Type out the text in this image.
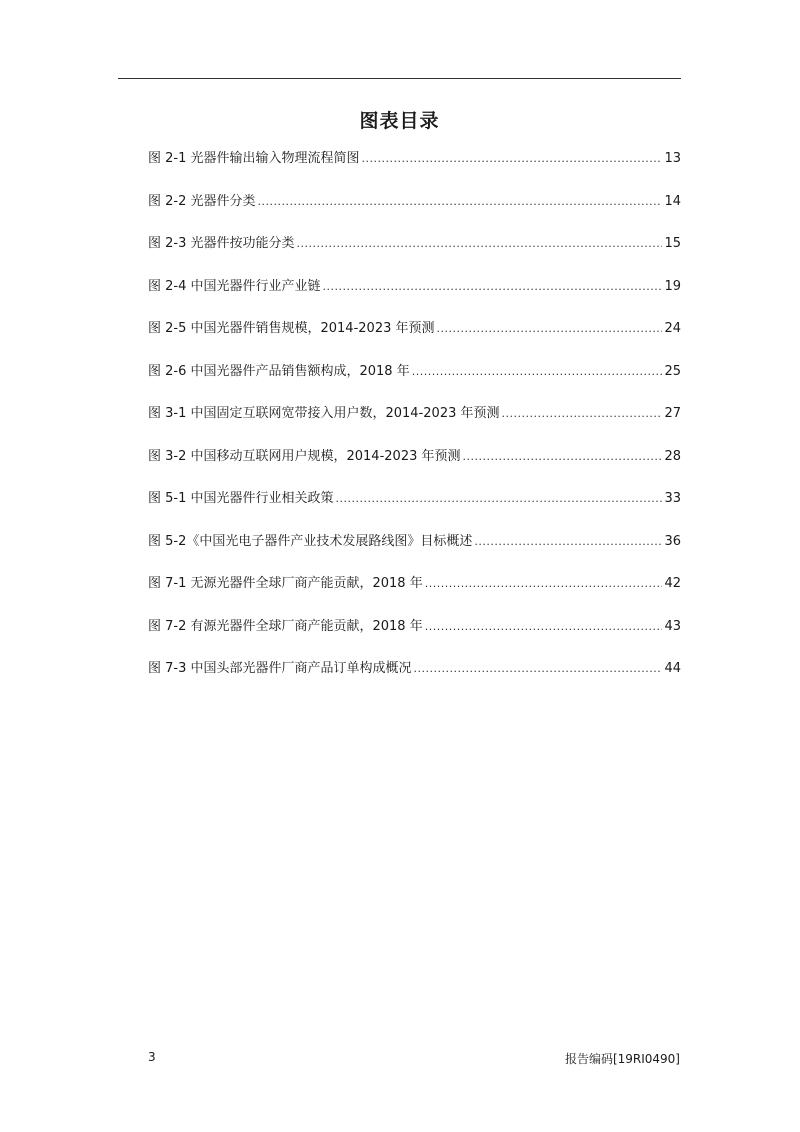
图表目录
图 2-1 光器件输出输入物理流程简图 .....	13
图 2-2 光器件分类 .....	14
图 2-3 光器件按功能分类 .....	15
图 2-4 中国光器件行业产业链 .....	19
图 2-5 中国光器件销售规模，2014-2023 年预测 .....	24
图 2-6 中国光器件产品销售额构成，2018 年 .....	25
图 3-1 中国固定互联网宽带接入用户数，2014-2023 年预测 .....	27
图 3-2 中国移动互联网用户规模，2014-2023 年预测 .....	28
图 5-1 中国光器件行业相关政策 .....	33
图 5-2《中国光电子器件产业技术发展路线图》目标概述 .....	36
图 7-1 无源光器件全球厂商产能贡献，2018 年 .....	42
图 7-2 有源光器件全球厂商产能贡献，2018 年 .....	43
图 7-3 中国头部光器件厂商产品订单构成概况 .....	44
3	报告编码[19RI0490]
